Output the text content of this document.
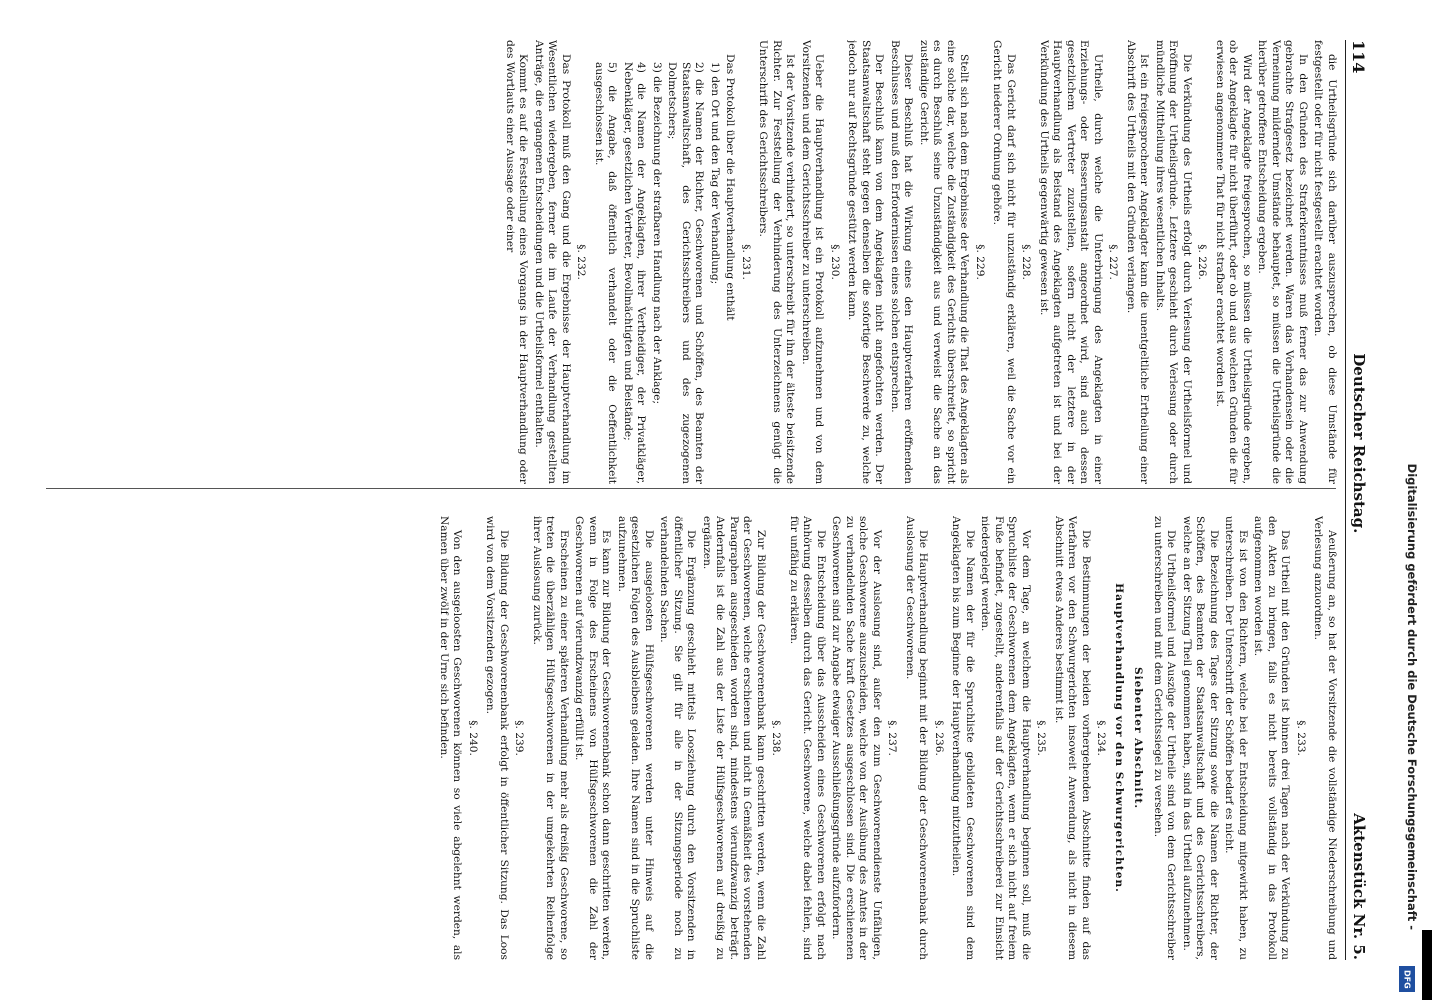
114
Deutscher Reichstag.
Aktenstück Nr. 5.

die Urtheilsgründe sich darüber auszusprechen, ob diese Umstände für festgestellt oder für nicht festgestellt erachtet worden.

In den Gründen des Straferkenntnisses muß ferner das zur Anwendung gebrachte Strafgesetz bezeichnet werden. Waren das Vorhandensein oder die Verneinung mildernder Umstände behauptet, so müssen die Urtheilsgründe die hierüber getroffene Entscheidung ergeben.

Wird der Angeklagte freigesprochen, so müssen die Urtheilsgründe ergeben, ob der Angeklagte für nicht überführt, oder ob und aus welchen Gründen die für erwiesen angenommene That für nicht strafbar erachtet worden ist.

§. 226.

Die Verkündung des Urtheils erfolgt durch Verlesung der Urtheilsformel und Eröffnung der Urtheilsgründe. Letztere geschieht durch Verlesung oder durch mündliche Mittheilung ihres wesentlichen Inhalts.

Ist ein freigesprochener Angeklagter kann die unentgeltliche Ertheilung einer Abschrift des Urtheils mit den Gründen verlangen.

§. 227.

Urtheile, durch welche die Unterbringung des Angeklagten in einer Erziehungs- oder Besserungsanstalt angeordnet wird, sind auch dessen gesetzlichem Vertreter zuzustellen, sofern nicht der letztere in der Hauptverhandlung als Beistand des Angeklagten aufgetreten ist und bei der Verkündung des Urtheils gegenwärtig gewesen ist.

§. 228.

Das Gericht darf sich nicht für unzuständig erklären, weil die Sache vor ein Gericht niederer Ordnung gehöre.

§. 229.

Stellt sich nach dem Ergebnisse der Verhandlung die That des Angeklagten als eine solche dar, welche die Zuständigkeit des Gerichts überschreitet, so spricht es durch Beschluß seine Unzuständigkeit aus und verweist die Sache an das zuständige Gericht.

Dieser Beschluß hat die Wirkung eines den Hauptverfahren eröffnenden Beschlusses und muß den Erfordernissen eines solchen entsprechen.

Der Beschluß kann von dem Angeklagten nicht angefochten werden. Der Staatsanwaltschaft steht gegen denselben die sofortige Beschwerde zu, welche jedoch nur auf Rechtsgründe gestützt werden kann.

§. 230.

Ueber die Hauptverhandlung ist ein Protokoll aufzunehmen und von dem Vorsitzenden und dem Gerichtsschreiber zu unterschreiben.

Ist der Vorsitzende verhindert, so unterschreibt für ihn der älteste beisitzende Richter. Zur Feststellung der Verhinderung des Unterzeichnens genügt die Unterschrift des Gerichtsschreibers.

§. 231.

Das Protokoll über die Hauptverhandlung enthält

1) den Ort und den Tag der Verhandlung;

2) die Namen der Richter, Geschworenen und Schöffen, des Beamten der Staatsanwaltschaft, des Gerichtsschreibers und des zugezogenen Dolmetschers;

3) die Bezeichnung der strafbaren Handlung nach der Anklage;

4) die Namen der Angeklagten, ihrer Vertheidiger, der Privatkläger, Nebenkläger, gesetzlichen Vertreter, Bevollmächtigten und Beistände;

5) die Angabe, daß öffentlich verhandelt oder die Oeffentlichkeit ausgeschlossen ist.

§. 232.

Das Protokoll muß den Gang und die Ergebnisse der Hauptverhandlung im Wesentlichen wiedergeben, ferner die im Laufe der Verhandlung gestellten Anträge, die ergangenen Entscheidungen und die Urtheilsformel enthalten.

Kommt es auf die Feststellung eines Vorgangs in der Hauptverhandlung oder des Wortlauts einer Aussage oder einer

Aeußerung an, so hat der Vorsitzende die vollständige Niederschreibung und Verlesung anzuordnen.

§. 233.

Das Urtheil mit den Gründen ist binnen drei Tagen nach der Verkündung zu den Akten zu bringen, falls es nicht bereits vollständig in das Protokoll aufgenommen worden ist.

Es ist von den Richtern, welche bei der Entscheidung mitgewirkt haben, zu unterschreiben. Der Unterschrift der Schöffen bedarf es nicht.

Die Bezeichnung des Tages der Sitzung sowie die Namen der Richter, der Schöffen, des Beamten der Staatsanwaltschaft und des Gerichtsschreibers, welche an der Sitzung Theil genommen haben, sind in das Urtheil aufzunehmen.

Die Urtheilsformel und Auszüge der Urtheile sind von dem Gerichtsschreiber zu unterschreiben und mit dem Gerichtssiegel zu versehen.

Siebenter Abschnitt.

Hauptverhandlung vor den Schwurgerichten.

§. 234.

Die Bestimmungen der beiden vorhergehenden Abschnitte finden auf das Verfahren vor den Schwurgerichten insoweit Anwendung, als nicht in diesem Abschnitt etwas Anderes bestimmt ist.

§. 235.

Vor dem Tage, an welchem die Hauptverhandlung beginnen soll, muß die Spruchliste der Geschworenen dem Angeklagten, wenn er sich nicht auf freiem Fuße befindet, zugestellt, anderenfalls auf der Gerichtsschreiberei zur Einsicht niedergelegt werden.

Die Namen der für die Spruchliste gebildeten Geschworenen sind dem Angeklagten bis zum Beginne der Hauptverhandlung mitzutheilen.

§. 236.

Die Hauptverhandlung beginnt mit der Bildung der Geschworenenbank durch Auslosung der Geschworenen.

§. 237.

Vor der Auslosung sind, außer den zum Geschworenendienste Unfähigen, solche Geschworene auszuscheiden, welche von der Ausübung des Amtes in der zu verhandelnden Sache kraft Gesetzes ausgeschlossen sind. Die erschienenen Geschworenen sind zur Angabe etwaiger Ausschließungsgründe aufzufordern.

Die Entscheidung über das Ausscheiden eines Geschworenen erfolgt nach Anhörung desselben durch das Gericht. Geschworene, welche dabei fehlen, sind für unfähig zu erklären.

§. 238.

Zur Bildung der Geschworenenbank kann geschritten werden, wenn die Zahl der Geschworenen, welche erschienen und nicht in Gemäßheit des vorstehenden Paragraphen ausgeschieden worden sind, mindestens vierundzwanzig beträgt. Andernfalls ist die Zahl aus der Liste der Hülfsgeschworenen auf dreißig zu ergänzen.

Die Ergänzung geschieht mittels Loosziehung durch den Vorsitzenden in öffentlicher Sitzung. Sie gilt für alle in der Sitzungsperiode noch zu verhandelnden Sachen.

Die ausgeloosten Hülfsgeschworenen werden unter Hinweis auf die gesetzlichen Folgen des Ausbleibens geladen. Ihre Namen sind in die Spruchliste aufzunehmen.

Es kann zur Bildung der Geschworenenbank schon dann geschritten werden, wenn in Folge des Erscheinens von Hülfsgeschworenen die Zahl der Geschworenen auf vierundzwanzig erfüllt ist.

Erscheinen zu einer späteren Verhandlung mehr als dreißig Geschworene, so treten die überzähligen Hülfsgeschworenen in der umgekehrten Reihenfolge ihrer Auslosung zurück.

§. 239.

Die Bildung der Geschworenenbank erfolgt in öffentlicher Sitzung. Das Loos wird von dem Vorsitzenden gezogen.

§. 240.

Von den ausgeloosten Geschworenen können so viele abgelehnt werden, als Namen über zwölf in der Urne sich befinden.	Digitalisierung gefördert durch die Deutsche Forschungsgemeinschaft -
DFG
